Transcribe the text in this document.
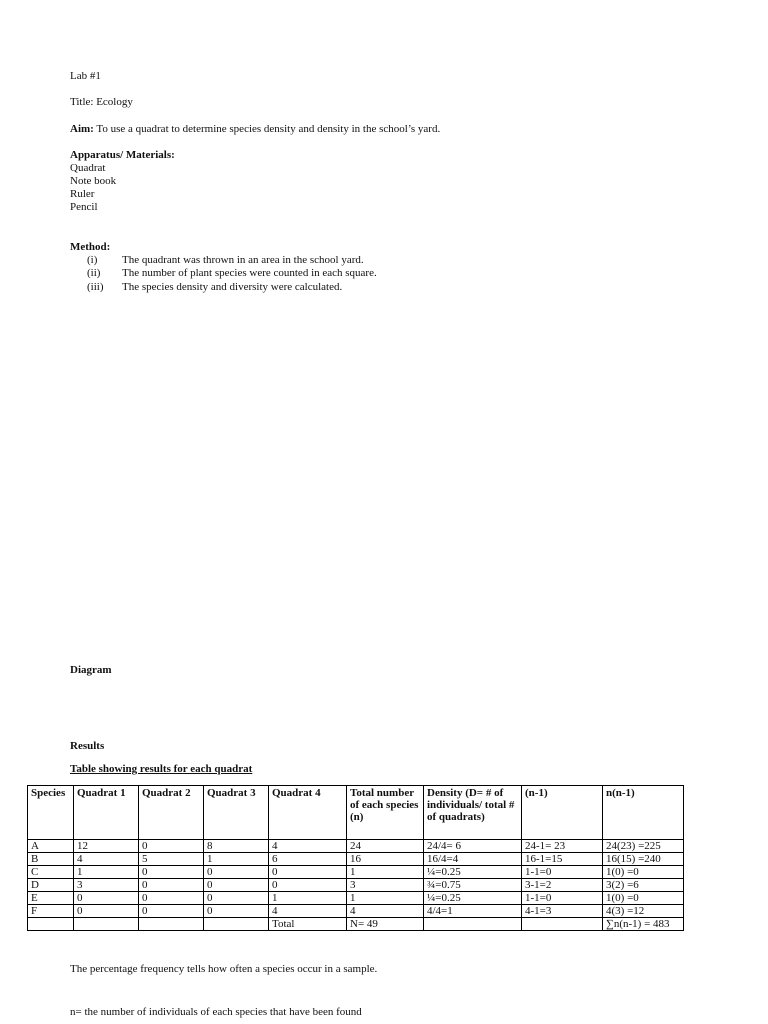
Lab #1
Title: Ecology
Aim: To use a quadrat to determine species density and density in the school’s yard.
Apparatus/ Materials:
Quadrat
Note book
Ruler
Pencil
Method:
(i) The quadrant was thrown in an area in the school yard.
(ii) The number of plant species were counted in each square.
(iii) The species density and diversity were calculated.
Diagram
Results
Table showing results for each quadrat
Species	Quadrat 1	Quadrat 2	Quadrat 3	Quadrat 4	Total number of each species (n)	Density (D= # of individuals/ total # of quadrats)	(n-1)	n(n-1)
A	12	0	8	4	24	24/4= 6	24-1= 23	24(23) =225
B	4	5	1	6	16	16/4=4	16-1=15	16(15) =240
C	1	0	0	0	1	¼=0.25	1-1=0	1(0) =0
D	3	0	0	0	3	¾=0.75	3-1=2	3(2) =6
E	0	0	0	1	1	¼=0.25	1-1=0	1(0) =0
F	0	0	0	4	4	4/4=1	4-1=3	4(3) =12
				Total	N= 49			∑n(n-1) = 483
The percentage frequency tells how often a species occur in a sample.
n= the number of individuals of each species that have been found
